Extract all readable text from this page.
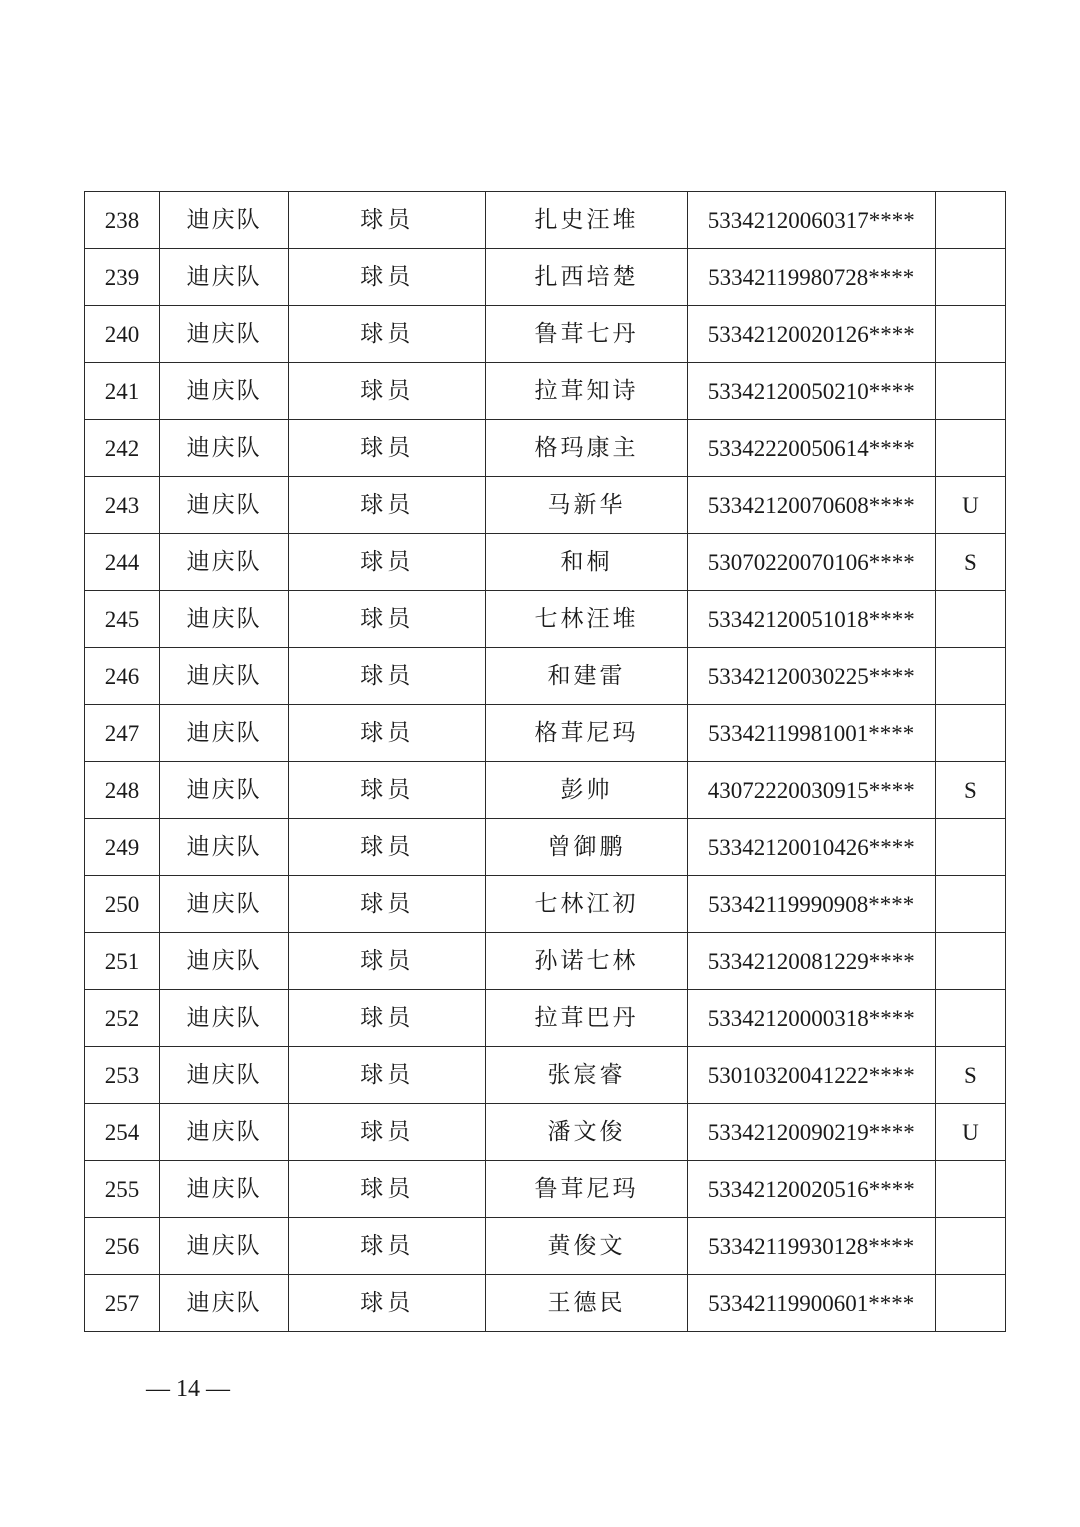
238	迪庆队	球员	扎史汪堆	53342120060317****	
239	迪庆队	球员	扎西培楚	53342119980728****	
240	迪庆队	球员	鲁茸七丹	53342120020126****	
241	迪庆队	球员	拉茸知诗	53342120050210****	
242	迪庆队	球员	格玛康主	53342220050614****	
243	迪庆队	球员	马新华	53342120070608****	U
244	迪庆队	球员	和桐	53070220070106****	S
245	迪庆队	球员	七林汪堆	53342120051018****	
246	迪庆队	球员	和建雷	53342120030225****	
247	迪庆队	球员	格茸尼玛	53342119981001****	
248	迪庆队	球员	彭帅	43072220030915****	S
249	迪庆队	球员	曾御鹏	53342120010426****	
250	迪庆队	球员	七林江初	53342119990908****	
251	迪庆队	球员	孙诺七林	53342120081229****	
252	迪庆队	球员	拉茸巴丹	53342120000318****	
253	迪庆队	球员	张宸睿	53010320041222****	S
254	迪庆队	球员	潘文俊	53342120090219****	U
255	迪庆队	球员	鲁茸尼玛	53342120020516****	
256	迪庆队	球员	黄俊文	53342119930128****	
257	迪庆队	球员	王德民	53342119900601****	
— 14 —
